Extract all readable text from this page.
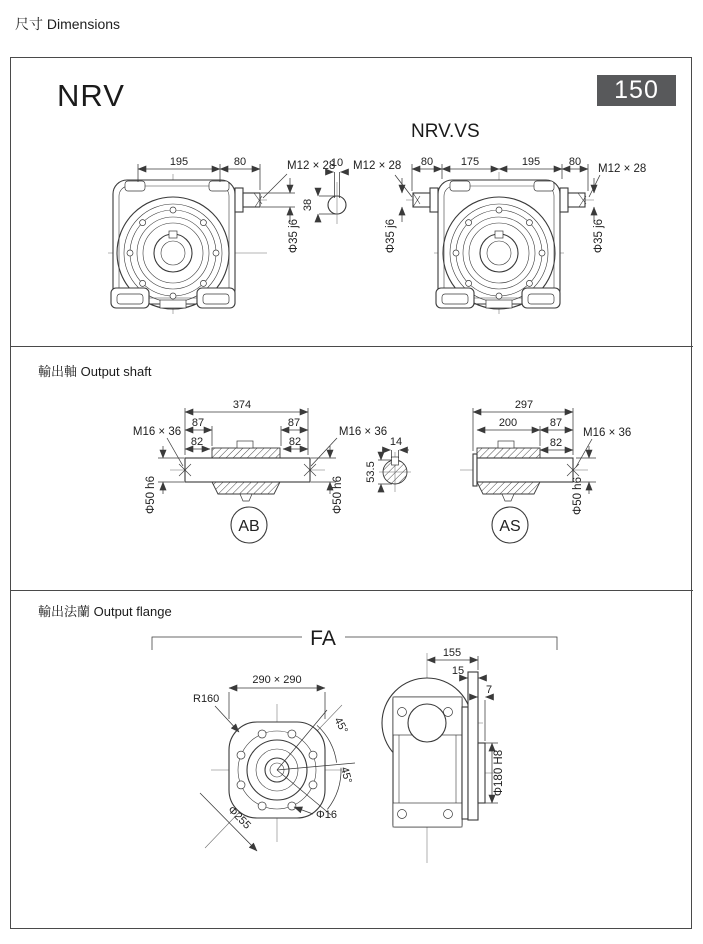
尺寸 Dimensions
NRV	150
NRV.VS
195	80	M12 × 28
10
38
Φ35 j6
80	175	195	80
M12 × 28	M12 × 28
Φ35 j6	Φ35 j6
輸出軸 Output shaft
AB
374
87	87
82	82
M16 × 36	M16 × 36
Φ50 h6	Φ50 h6
14
53.5
AS
297
200	87
82
M16 × 36
Φ50 h6
輸出法蘭 Output flange
FA
290 × 290
R160
45°
45°
Φ255	Φ16
155
15
7
Φ180 H8
